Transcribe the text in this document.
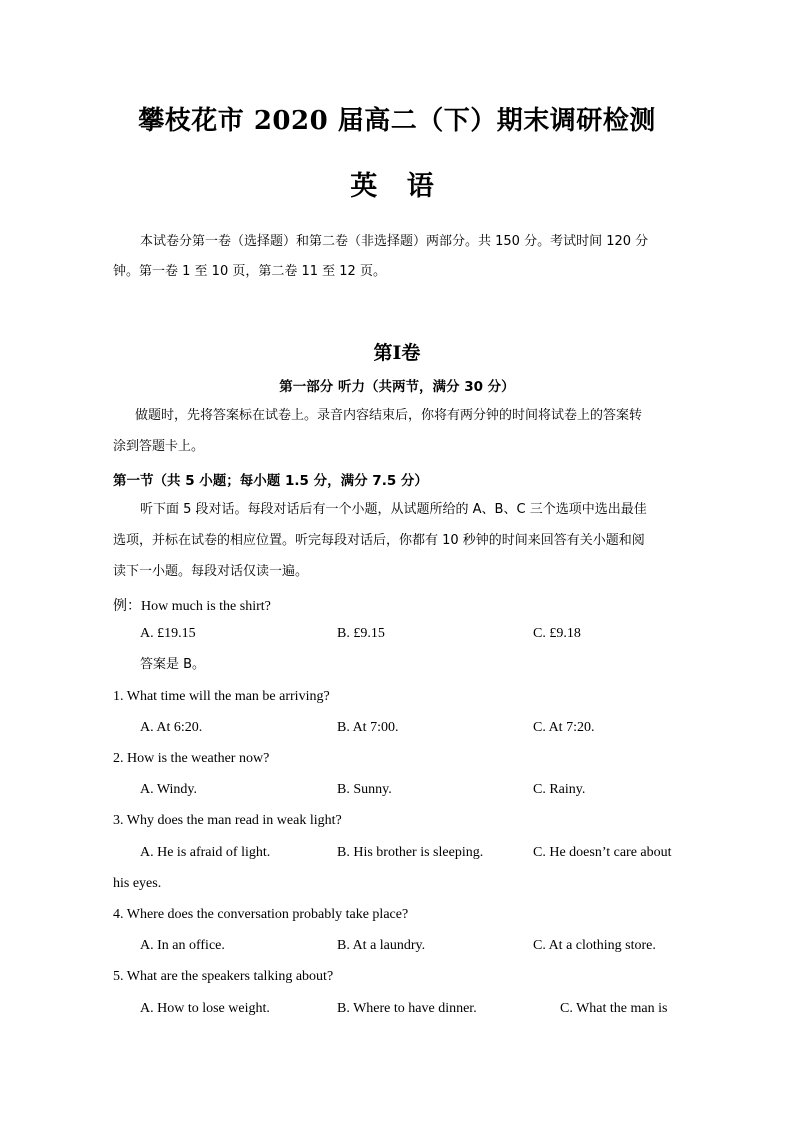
攀枝花市 2020 届高二（下）期末调研检测
英 语
本试卷分第一卷（选择题）和第二卷（非选择题）两部分。共 150 分。考试时间 120 分
钟。第一卷 1 至 10 页，第二卷 11 至 12 页。
第Ⅰ卷
第一部分 听力（共两节，满分 30 分）
做题时，先将答案标在试卷上。录音内容结束后，你将有两分钟的时间将试卷上的答案转
涂到答题卡上。
第一节（共 5 小题；每小题 1.5 分，满分 7.5 分）
听下面 5 段对话。每段对话后有一个小题，从试题所给的 A、B、C 三个选项中选出最佳
选项，并标在试卷的相应位置。听完每段对话后，你都有 10 秒钟的时间来回答有关小题和阅
读下一小题。每段对话仅读一遍。
例：How much is the shirt?
A. £19.15	B. £9.15	C. £9.18
答案是 B。
1. What time will the man be arriving?
A. At 6:20.	B. At 7:00.	C. At 7:20.
2. How is the weather now?
A. Windy.	B. Sunny.	C. Rainy.
3. Why does the man read in weak light?
A. He is afraid of light.	B. His brother is sleeping.	C. He doesn’t care about
his eyes.
4. Where does the conversation probably take place?
A. In an office.	B. At a laundry.	C. At a clothing store.
5. What are the speakers talking about?
A. How to lose weight.	B. Where to have dinner.	C. What the man is
